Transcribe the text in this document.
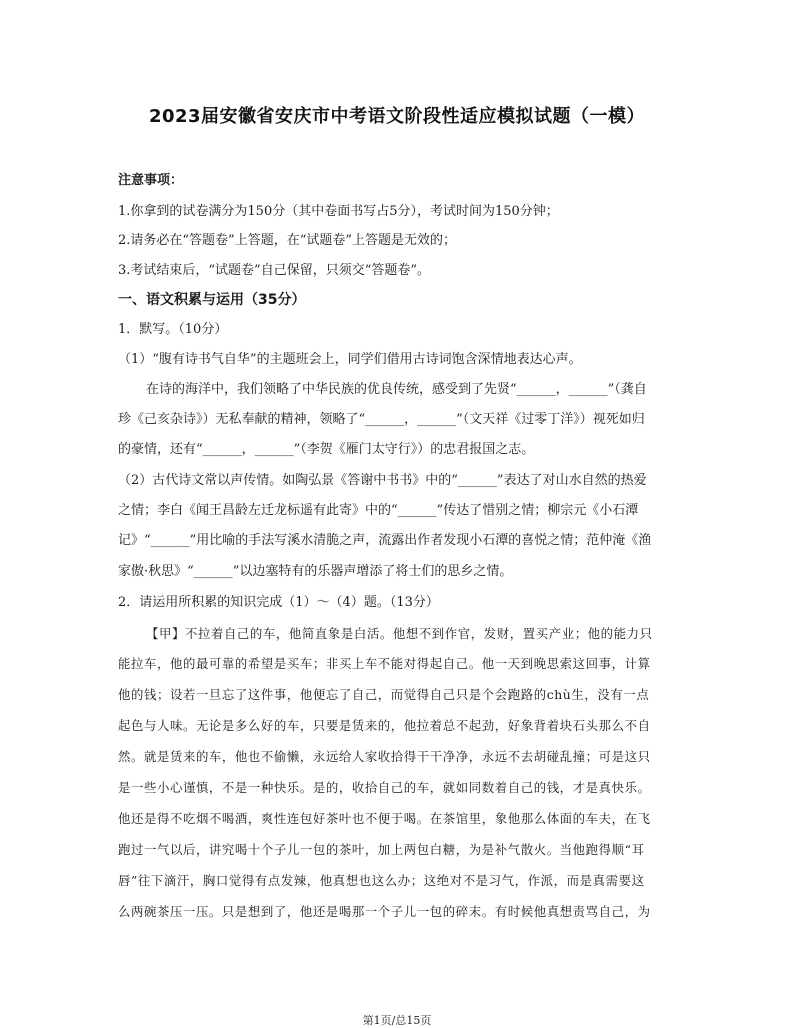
2023届安徽省安庆市中考语文阶段性适应模拟试题（一模）
注意事项：
1.你拿到的试卷满分为150分（其中卷面书写占5分），考试时间为150分钟；
2.请务必在“答题卷”上答题，在“试题卷”上答题是无效的；
3.考试结束后，“试题卷”自己保留，只须交“答题卷”。
一、语文积累与运用（35分）
1．默写。（10分）
（1）“腹有诗书气自华”的主题班会上，同学们借用古诗词饱含深情地表达心声。
在诗的海洋中，我们领略了中华民族的优良传统，感受到了先贤“______，______”（龚自
珍《己亥杂诗》）无私奉献的精神，领略了“______，______”（文天祥《过零丁洋》）视死如归
的豪情，还有“______，______”（李贺《雁门太守行》）的忠君报国之志。
（2）古代诗文常以声传情。如陶弘景《答谢中书书》中的“______”表达了对山水自然的热爱
之情；李白《闻王昌龄左迁龙标遥有此寄》中的“______”传达了惜别之情；柳宗元《小石潭
记》“______”用比喻的手法写溪水清脆之声，流露出作者发现小石潭的喜悦之情；范仲淹《渔
家傲·秋思》“______”以边塞特有的乐器声增添了将士们的思乡之情。
2．请运用所积累的知识完成（1）～（4）题。（13分）
【甲】不拉着自己的车，他简直象是白活。他想不到作官，发财，置买产业；他的能力只
能拉车，他的最可靠的希望是买车；非买上车不能对得起自己。他一天到晚思索这回事，计算
他的钱；设若一旦忘了这件事，他便忘了自己，而觉得自己只是个会跑路的chù生，没有一点
起色与人味。无论是多么好的车，只要是赁来的，他拉着总不起劲，好象背着块石头那么不自
然。就是赁来的车，他也不偷懒，永远给人家收拾得干干净净，永远不去胡碰乱撞；可是这只
是一些小心谨慎，不是一种快乐。是的，收拾自己的车，就如同数着自己的钱，才是真快乐。
他还是得不吃烟不喝酒，爽性连包好茶叶也不便于喝。在茶馆里，象他那么体面的车夫，在飞
跑过一气以后，讲究喝十个子儿一包的茶叶，加上两包白糖，为是补气散火。当他跑得顺“耳
唇”往下滴汗，胸口觉得有点发辣，他真想也这么办；这绝对不是习气，作派，而是真需要这
么两碗茶压一压。只是想到了，他还是喝那一个子儿一包的碎末。有时候他真想责骂自己，为
第1页/总15页
